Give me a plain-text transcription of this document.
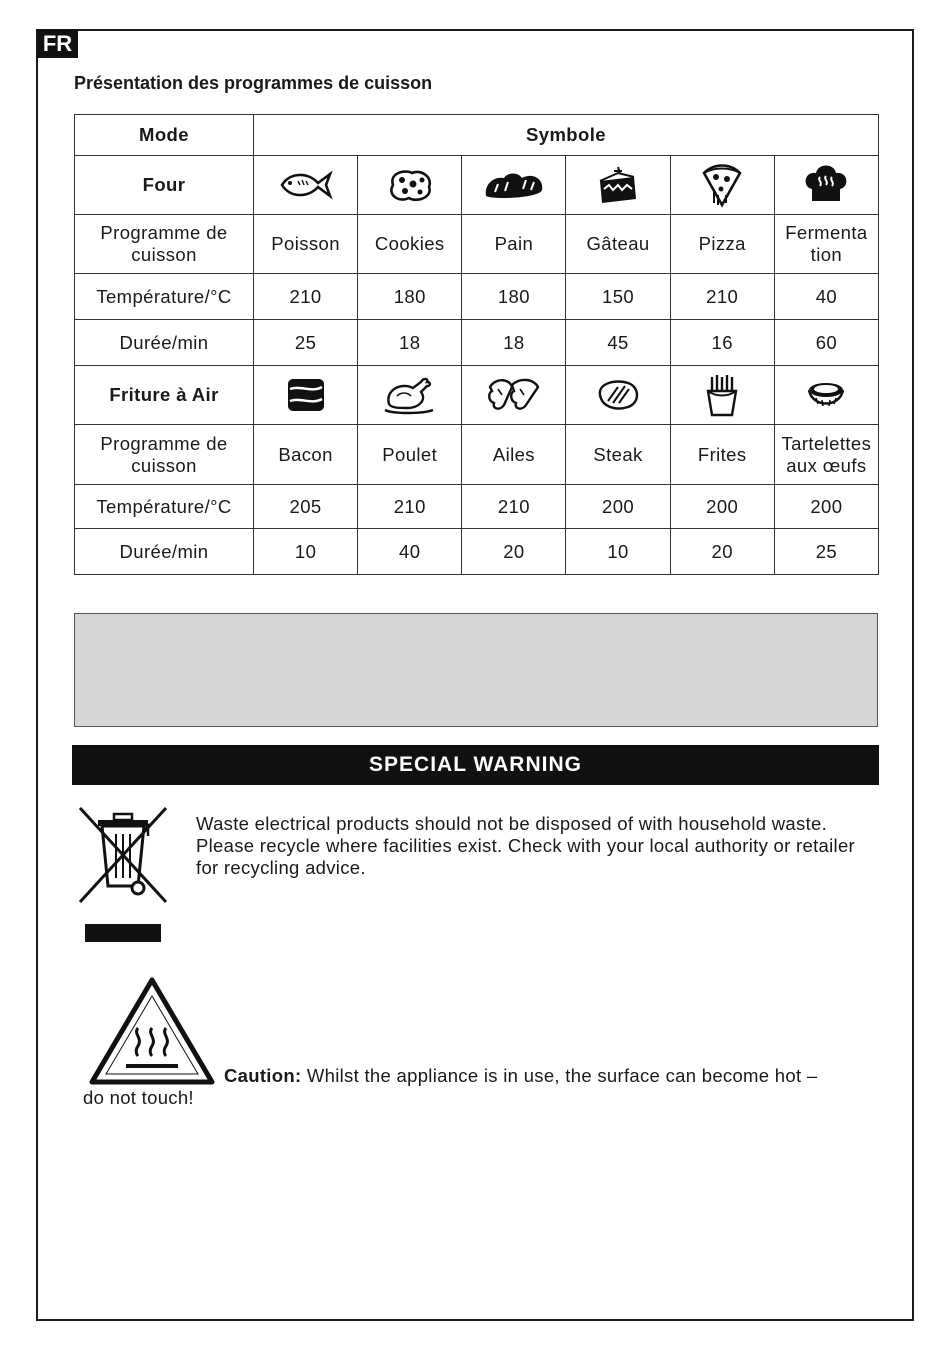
FR
Présentation des programmes de cuisson
Mode	Symbole					
Four	

Programme de cuisson	Poisson	Cookies	Pain	Gâteau	Pizza	Fermenta tion
Température/°C	210	180	180	150	210	40
Durée/min	25	18	18	45	16	60
Friture à Air	

Programme de cuisson	Bacon	Poulet	Ailes	Steak	Frites	Tartelettes aux œufs
Température/°C	205	210	210	200	200	200
Durée/min	10	40	20	10	20	25
SPECIAL WARNING
Waste electrical products should not be disposed of with household waste. Please recycle where facilities exist. Check with your local authority or retailer for recycling advice.
Caution: Whilst the appliance is in use, the surface can become hot –
do not touch!
